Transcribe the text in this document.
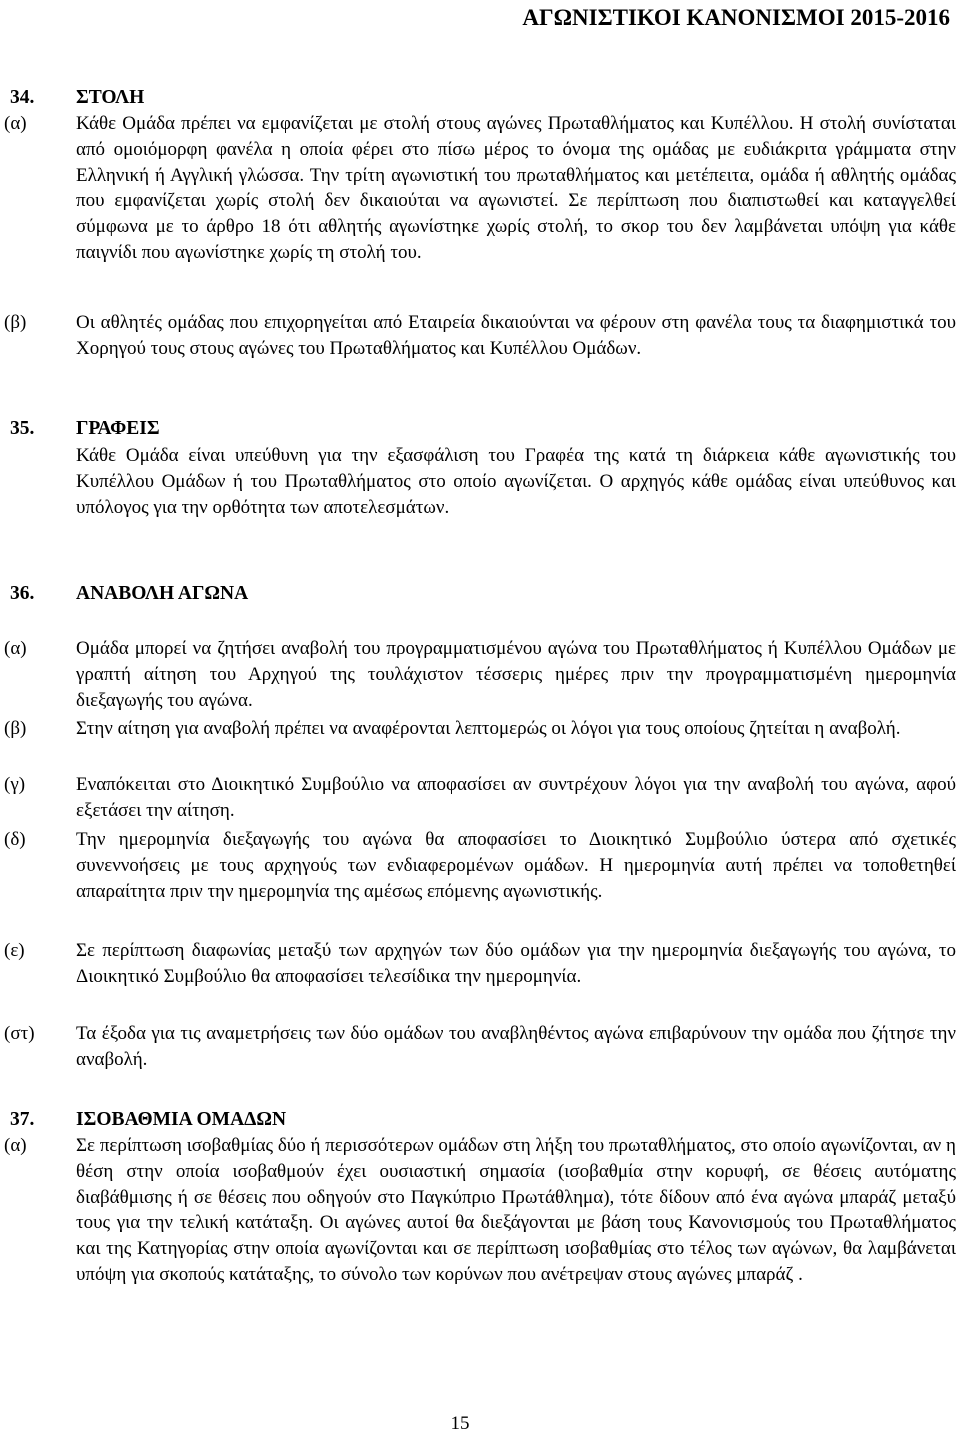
ΑΓΩΝΙΣΤΙΚΟΙ ΚΑΝΟΝΙΣΜΟΙ 2015-2016
34. ΣΤΟΛΗ
(α)	Κάθε Ομάδα πρέπει να εμφανίζεται με στολή στους αγώνες Πρωταθλήματος και Κυπέλλου. Η στολή συνίσταται από ομοιόμορφη φανέλα η οποία φέρει στο πίσω μέρος το όνομα της ομάδας με ευδιάκριτα γράμματα στην Ελληνική ή Αγγλική γλώσσα. Την τρίτη αγωνιστική του πρωταθλήματος και μετέπειτα, ομάδα ή αθλητής ομάδας που εμφανίζεται χωρίς στολή δεν δικαιούται να αγωνιστεί. Σε περίπτωση που διαπιστωθεί και καταγγελθεί σύμφωνα με το άρθρο 18 ότι αθλητής αγωνίστηκε χωρίς στολή, το σκορ του δεν λαμβάνεται υπόψη για κάθε παιγνίδι που αγωνίστηκε χωρίς τη στολή του.
(β)	Οι αθλητές ομάδας που επιχορηγείται από Εταιρεία δικαιούνται να φέρουν στη φανέλα τους τα διαφημιστικά του Χορηγού τους στους αγώνες του Πρωταθλήματος και Κυπέλλου Ομάδων.
35. ΓΡΑΦΕΙΣ
Κάθε Ομάδα είναι υπεύθυνη για την εξασφάλιση του Γραφέα της κατά τη διάρκεια κάθε αγωνιστικής του Κυπέλλου Ομάδων ή του Πρωταθλήματος στο οποίο αγωνίζεται. Ο αρχηγός κάθε ομάδας είναι υπεύθυνος και υπόλογος για την ορθότητα των αποτελεσμάτων.
36. ΑΝΑΒΟΛΗ ΑΓΩΝΑ
(α)	Ομάδα μπορεί να ζητήσει αναβολή του προγραμματισμένου αγώνα του Πρωταθλήματος ή Κυπέλλου Ομάδων με γραπτή αίτηση του Αρχηγού της τουλάχιστον τέσσερις ημέρες πριν την προγραμματισμένη ημερομηνία διεξαγωγής του αγώνα.
(β)	Στην αίτηση για αναβολή πρέπει να αναφέρονται λεπτομερώς οι λόγοι για τους οποίους ζητείται η αναβολή.
(γ)	Εναπόκειται στο Διοικητικό Συμβούλιο να αποφασίσει αν συντρέχουν λόγοι για την αναβολή του αγώνα, αφού εξετάσει την αίτηση.
(δ)	Την ημερομηνία διεξαγωγής του αγώνα θα αποφασίσει το Διοικητικό Συμβούλιο ύστερα από σχετικές συνεννοήσεις με τους αρχηγούς των ενδιαφερομένων ομάδων. Η ημερομηνία αυτή πρέπει να τοποθετηθεί απαραίτητα πριν την ημερομηνία της αμέσως επόμενης αγωνιστικής.
(ε)	Σε περίπτωση διαφωνίας μεταξύ των αρχηγών των δύο ομάδων για την ημερομηνία διεξαγωγής του αγώνα, το Διοικητικό Συμβούλιο θα αποφασίσει τελεσίδικα την ημερομηνία.
(στ) Τα έξοδα για τις αναμετρήσεις των δύο ομάδων του αναβληθέντος αγώνα επιβαρύνουν την ομάδα που ζήτησε την αναβολή.
37. ΙΣΟΒΑΘΜΙΑ ΟΜΑΔΩΝ
(α)	Σε περίπτωση ισοβαθμίας δύο ή περισσότερων ομάδων στη λήξη του πρωταθλήματος, στο οποίο αγωνίζονται, αν η θέση στην οποία ισοβαθμούν έχει ουσιαστική σημασία (ισοβαθμία στην κορυφή, σε θέσεις αυτόματης διαβάθμισης ή σε θέσεις που οδηγούν στο Παγκύπριο Πρωτάθλημα), τότε δίδουν από ένα αγώνα μπαράζ μεταξύ τους για την τελική κατάταξη. Οι αγώνες αυτοί θα διεξάγονται με βάση τους Κανονισμούς του Πρωταθλήματος και της Κατηγορίας στην οποία αγωνίζονται και σε περίπτωση ισοβαθμίας στο τέλος των αγώνων, θα λαμβάνεται υπόψη για σκοπούς κατάταξης, το σύνολο των κορύνων που ανέτρεψαν στους αγώνες μπαράζ .
15
